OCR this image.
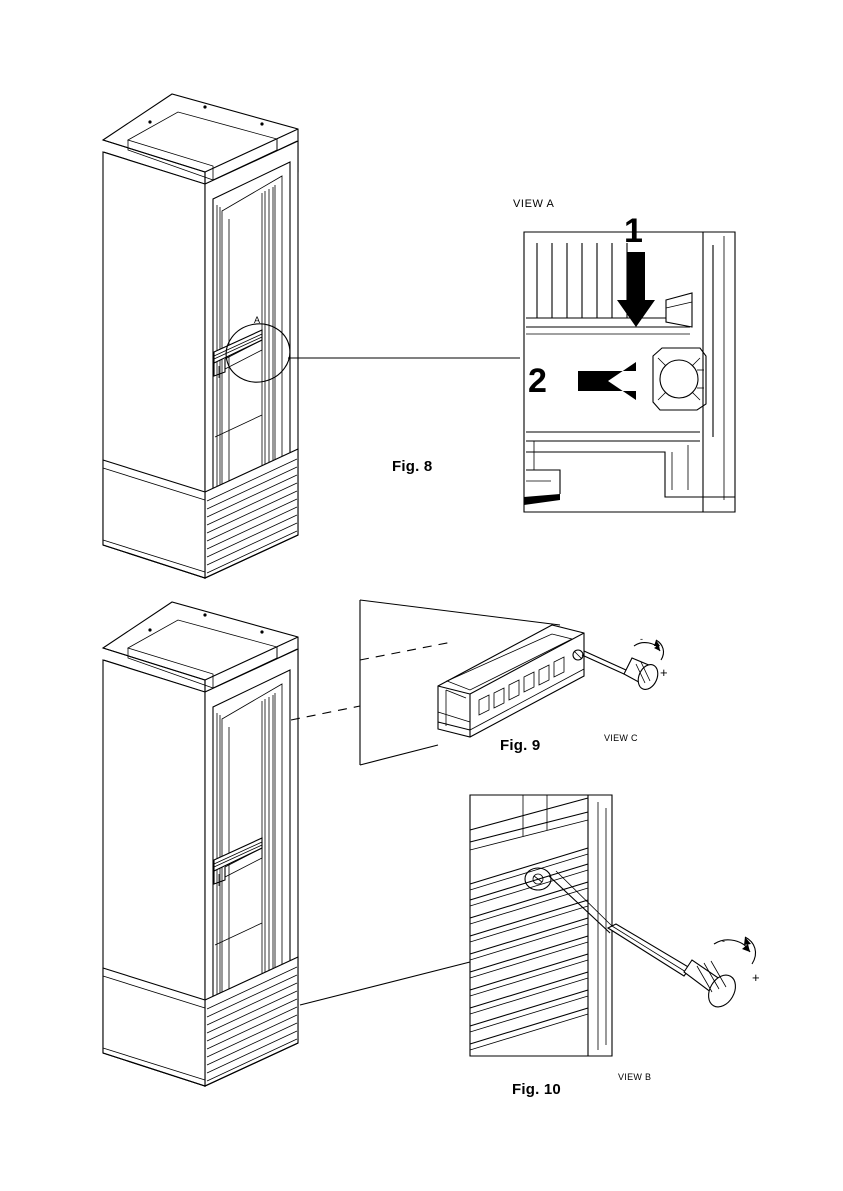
VIEW A
A
1
2
Fig. 8
Fig. 9	VIEW C
-
+
Fig. 10
VIEW B
-
+
